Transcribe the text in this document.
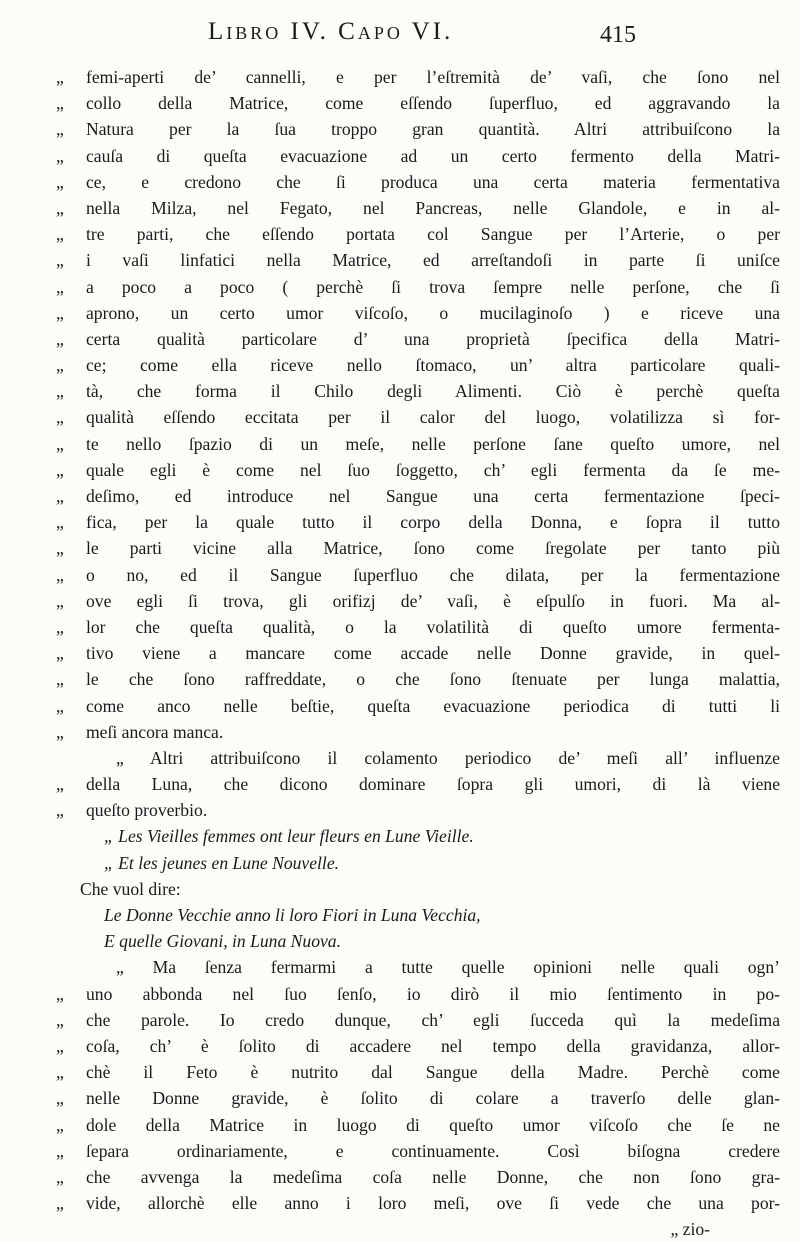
Libro IV. Capo VI.	415
„	femi-aperti de’ cannelli, e per l’eſtremità de’ vaſi, che ſono nel
„	collo della Matrice, come eſſendo ſuperfluo, ed aggravando la
„	Natura per la ſua troppo gran quantità. Altri attribuiſcono la
„	cauſa di queſta evacuazione ad un certo fermento della Matri-
„	ce, e credono che ſi produca una certa materia fermentativa
„	nella Milza, nel Fegato, nel Pancreas, nelle Glandole, e in al-
„	tre parti, che eſſendo portata col Sangue per l’Arterie, o per
„	i vaſi linfatici nella Matrice, ed arreſtandoſi in parte ſi uniſce
„	a poco a poco ( perchè ſi trova ſempre nelle perſone, che ſi
„	aprono, un certo umor viſcoſo, o mucilaginoſo ) e riceve una
„	certa qualità particolare d’ una proprietà ſpecifica della Matri-
„	ce; come ella riceve nello ſtomaco, un’ altra particolare quali-
„	tà, che forma il Chilo degli Alimenti. Ciò è perchè queſta
„	qualità eſſendo eccitata per il calor del luogo, volatilizza sì for-
„	te nello ſpazio di un meſe, nelle perſone ſane queſto umore, nel
„	quale egli è come nel ſuo ſoggetto, ch’ egli fermenta da ſe me-
„	deſimo, ed introduce nel Sangue una certa fermentazione ſpeci-
„	fica, per la quale tutto il corpo della Donna, e ſopra il tutto
„	le parti vicine alla Matrice, ſono come ſregolate per tanto più
„	o no, ed il Sangue ſuperfluo che dilata, per la fermentazione
„	ove egli ſi trova, gli orifizj de’ vaſi, è eſpulſo in fuori. Ma al-
„	lor che queſta qualità, o la volatilità di queſto umore fermenta-
„	tivo viene a mancare come accade nelle Donne gravide, in quel-
„	le che ſono raffreddate, o che ſono ſtenuate per lunga malattia,
„	come anco nelle beſtie, queſta evacuazione periodica di tutti li
„	meſi ancora manca.
„ Altri attribuiſcono il colamento periodico de’ meſi all’ influenze
„	della Luna, che dicono dominare ſopra gli umori, di là viene
„	queſto proverbio.
„ Les Vieilles femmes ont leur fleurs en Lune Vieille.
„ Et les jeunes en Lune Nouvelle.
Che vuol dire:
Le Donne Vecchie anno li loro Fiori in Luna Vecchia,
E quelle Giovani, in Luna Nuova.
„ Ma ſenza fermarmi a tutte quelle opinioni nelle quali ogn’
„	uno abbonda nel ſuo ſenſo, io dirò il mio ſentimento in po-
„	che parole. Io credo dunque, ch’ egli ſucceda quì la medeſima
„	coſa, ch’ è ſolito di accadere nel tempo della gravidanza, allor-
„	chè il Feto è nutrito dal Sangue della Madre. Perchè come
„	nelle Donne gravide, è ſolito di colare a traverſo delle glan-
„	dole della Matrice in luogo di queſto umor viſcoſo che ſe ne
„	ſepara ordinariamente, e continuamente. Così biſogna credere
„	che avvenga la medeſima coſa nelle Donne, che non ſono gra-
„	vide, allorchè elle anno i loro meſi, ove ſi vede che una por-
„ zio-
